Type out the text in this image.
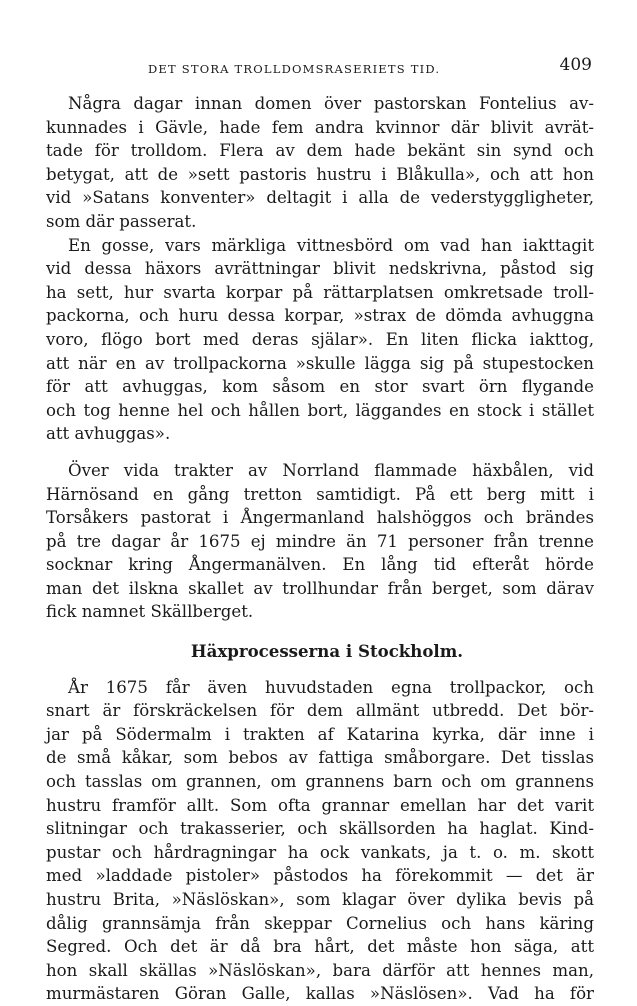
DET STORA TROLLDOMSRASERIETS TID.	409
Några dagar innan domen över pastorskan Fontelius av-
kunnades i Gävle, hade fem andra kvinnor där blivit avrät-
tade för trolldom. Flera av dem hade bekänt sin synd och
betygat, att de »sett pastoris hustru i Blåkulla», och att hon
vid »Satans konventer» deltagit i alla de vederstyggligheter,
som där passerat.
En gosse, vars märkliga vittnesbörd om vad han iakttagit
vid dessa häxors avrättningar blivit nedskrivna, påstod sig
ha sett, hur svarta korpar på rättarplatsen omkretsade troll-
packorna, och huru dessa korpar, »strax de dömda avhuggna
voro, flögo bort med deras själar». En liten flicka iakttog,
att när en av trollpackorna »skulle lägga sig på stupestocken
för att avhuggas, kom såsom en stor svart örn flygande
och tog henne hel och hållen bort, läggandes en stock i stället
att avhuggas».
Över vida trakter av Norrland flammade häxbålen, vid
Härnösand en gång tretton samtidigt. På ett berg mitt i
Torsåkers pastorat i Ångermanland halshöggos och brändes
på tre dagar år 1675 ej mindre än 71 personer från trenne
socknar kring Ångermanälven. En lång tid efteråt hörde
man det ilskna skallet av trollhundar från berget, som därav
fick namnet Skällberget.
Häxprocesserna i Stockholm.
År 1675 får även huvudstaden egna trollpackor, och
snart är förskräckelsen för dem allmänt utbredd. Det bör-
jar på Södermalm i trakten af Katarina kyrka, där inne i
de små kåkar, som bebos av fattiga småborgare. Det tisslas
och tasslas om grannen, om grannens barn och om grannens
hustru framför allt. Som ofta grannar emellan har det varit
slitningar och trakasserier, och skällsorden ha haglat. Kind-
pustar och hårdragningar ha ock vankats, ja t. o. m. skott
med »laddade pistoler» påstodos ha förekommit — det är
hustru Brita, »Näslöskan», som klagar över dylika bevis på
dålig grannsämja från skeppar Cornelius och hans käring
Segred. Och det är då bra hårt, det måste hon säga, att
hon skall skällas »Näslöskan», bara därför att hennes man,
murmästaren Göran Galle, kallas »Näslösen». Vad ha för
